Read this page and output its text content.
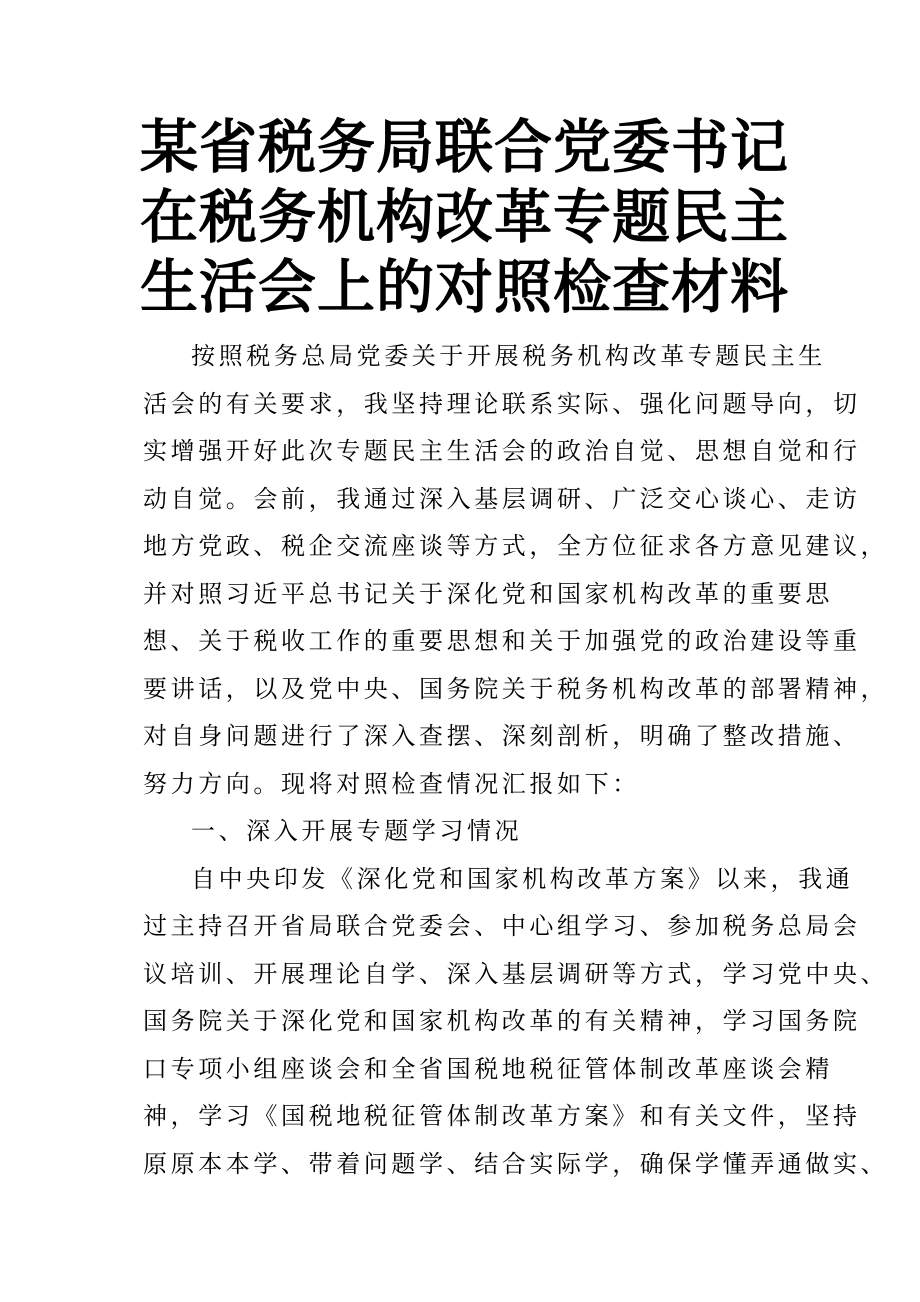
某省税务局联合党委书记
在税务机构改革专题民主
生活会上的对照检查材料
按照税务总局党委关于开展税务机构改革专题民主生
活会的有关要求，我坚持理论联系实际、强化问题导向，切
实增强开好此次专题民主生活会的政治自觉、思想自觉和行
动自觉。会前，我通过深入基层调研、广泛交心谈心、走访
地方党政、税企交流座谈等方式，全方位征求各方意见建议，
并对照习近平总书记关于深化党和国家机构改革的重要思
想、关于税收工作的重要思想和关于加强党的政治建设等重
要讲话，以及党中央、国务院关于税务机构改革的部署精神，
对自身问题进行了深入查摆、深刻剖析，明确了整改措施、
努力方向。现将对照检查情况汇报如下：
一、深入开展专题学习情况
自中央印发《深化党和国家机构改革方案》以来，我通
过主持召开省局联合党委会、中心组学习、参加税务总局会
议培训、开展理论自学、深入基层调研等方式，学习党中央、
国务院关于深化党和国家机构改革的有关精神，学习国务院
口专项小组座谈会和全省国税地税征管体制改革座谈会精
神，学习《国税地税征管体制改革方案》和有关文件，坚持
原原本本学、带着问题学、结合实际学，确保学懂弄通做实、
